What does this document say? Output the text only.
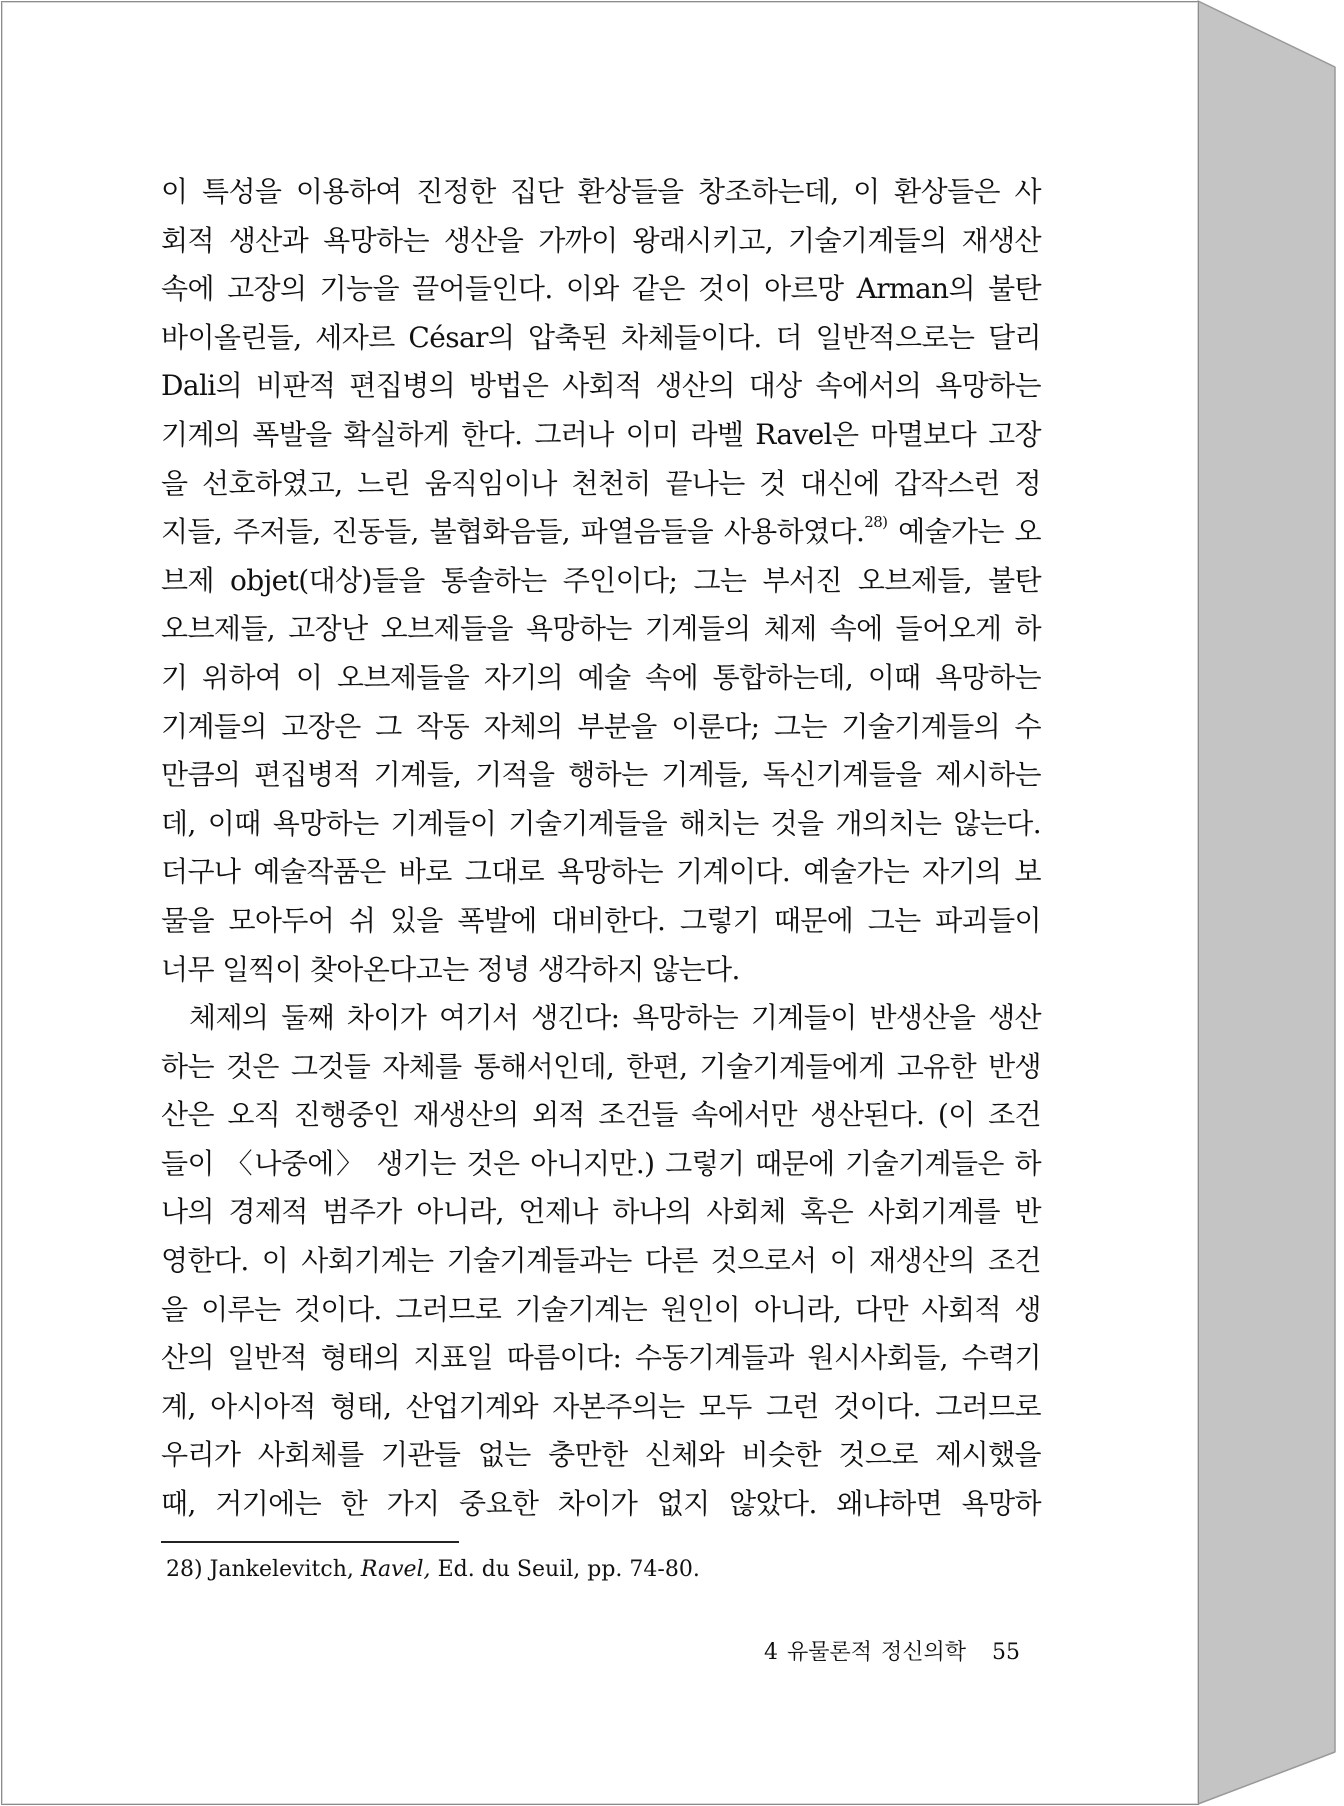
이 특성을 이용하여 진정한 집단 환상들을 창조하는데, 이 환상들은 사
회적 생산과 욕망하는 생산을 가까이 왕래시키고, 기술기계들의 재생산
속에 고장의 기능을 끌어들인다. 이와 같은 것이 아르망 Arman의 불탄
바이올린들, 세자르 César의 압축된 차체들이다. 더 일반적으로는 달리
Dali의 비판적 편집병의 방법은 사회적 생산의 대상 속에서의 욕망하는
기계의 폭발을 확실하게 한다. 그러나 이미 라벨 Ravel은 마멸보다 고장
을 선호하였고, 느린 움직임이나 천천히 끝나는 것 대신에 갑작스런 정
지들, 주저들, 진동들, 불협화음들, 파열음들을 사용하였다.$^{28)}$ 예술가는 오
브제 objet(대상)들을 통솔하는 주인이다; 그는 부서진 오브제들, 불탄
오브제들, 고장난 오브제들을 욕망하는 기계들의 체제 속에 들어오게 하
기 위하여 이 오브제들을 자기의 예술 속에 통합하는데, 이때 욕망하는
기계들의 고장은 그 작동 자체의 부분을 이룬다; 그는 기술기계들의 수
만큼의 편집병적 기계들, 기적을 행하는 기계들, 독신기계들을 제시하는
데, 이때 욕망하는 기계들이 기술기계들을 해치는 것을 개의치는 않는다.
더구나 예술작품은 바로 그대로 욕망하는 기계이다. 예술가는 자기의 보
물을 모아두어 쉬 있을 폭발에 대비한다. 그렇기 때문에 그는 파괴들이
너무 일찍이 찾아온다고는 정녕 생각하지 않는다.
체제의 둘째 차이가 여기서 생긴다: 욕망하는 기계들이 반생산을 생산
하는 것은 그것들 자체를 통해서인데, 한편, 기술기계들에게 고유한 반생
산은 오직 진행중인 재생산의 외적 조건들 속에서만 생산된다. (이 조건
들이 〈나중에〉 생기는 것은 아니지만.) 그렇기 때문에 기술기계들은 하
나의 경제적 범주가 아니라, 언제나 하나의 사회체 혹은 사회기계를 반
영한다. 이 사회기계는 기술기계들과는 다른 것으로서 이 재생산의 조건
을 이루는 것이다. 그러므로 기술기계는 원인이 아니라, 다만 사회적 생
산의 일반적 형태의 지표일 따름이다: 수동기계들과 원시사회들, 수력기
계, 아시아적 형태, 산업기계와 자본주의는 모두 그런 것이다. 그러므로
우리가 사회체를 기관들 없는 충만한 신체와 비슷한 것으로 제시했을
때, 거기에는 한 가지 중요한 차이가 없지 않았다. 왜냐하면 욕망하
28) Jankelevitch, Ravel, Ed. du Seuil, pp. 74-80.
4 유물론적 정신의학 55
